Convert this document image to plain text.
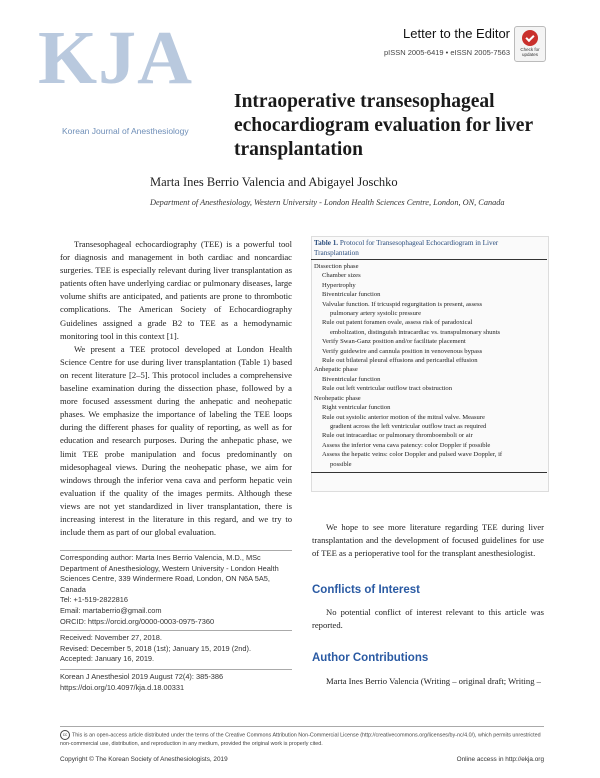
KJA
Korean Journal of Anesthesiology
Letter to the Editor
pISSN 2005-6419 • eISSN 2005-7563	Check for
updates
Intraoperative transesophageal echocardiogram evaluation for liver transplantation
Marta Ines Berrio Valencia and Abigayel Joschko
Department of Anesthesiology, Western University - London Health Sciences Centre, London, ON, Canada

Transesophageal echocardiography (TEE) is a powerful tool for diagnosis and management in both cardiac and noncardiac surgeries. TEE is especially relevant during liver transplantation as patients often have underlying cardiac or pulmonary diseases, large volume shifts are anticipated, and patients are prone to thrombotic complications. The American Society of Echocardiography Guidelines assigned a grade B2 to TEE as a hemodynamic monitoring tool in this context [1].

We present a TEE protocol developed at London Health Science Centre for use during liver transplantation (Table 1) based on recent literature [2–5]. This protocol includes a comprehensive baseline examination during the dissection phase, followed by a more focused assessment during the anhepatic and neohepatic phases. We emphasize the importance of labeling the TEE loops during the different phases for quality of reporting, as well as for education and research purposes. During the anhepatic phase, we limit TEE probe manipulation and focus predominantly on midesophageal views. During the neohepatic phase, we aim for windows through the inferior vena cava and perform hepatic vein evaluation if the quality of the images permits. Although these views are not yet standardized in liver transplantation, there is increasing interest in the literature in this regard, and we try to include them as part of our global evaluation.

Table 1. Protocol for Transesophageal Echocardiogram in Liver Transplantation
Dissection phase
Chamber sizes
Hypertrophy
Biventricular function
Valvular function. If tricuspid regurgitation is present, assess
pulmonary artery systolic pressure
Rule out patent foramen ovale, assess risk of paradoxical
embolization, distinguish intracardiac vs. transpulmonary shunts
Verify Swan-Ganz position and/or facilitate placement
Verify guidewire and cannula position in venovenous bypass
Rule out bilateral pleural effusions and pericardial effusion
Anhepatic phase
Biventricular function
Rule out left ventricular outflow tract obstruction
Neohepatic phase
Right ventricular function
Rule out systolic anterior motion of the mitral valve. Measure
gradient across the left ventricular outflow tract as required
Rule out intracardiac or pulmonary thromboemboli or air
Assess the inferior vena cava patency: color Doppler if possible
Assess the hepatic veins: color Doppler and pulsed wave Doppler, if
possible

We hope to see more literature regarding TEE during liver transplantation and the development of focused guidelines for use of TEE as a perioperative tool for the transplant anesthesiologist.

Conflicts of Interest

No potential conflict of interest relevant to this article was reported.

Author Contributions

Marta Ines Berrio Valencia (Writing – original draft; Writing –

Corresponding author: Marta Ines Berrio Valencia, M.D., MSc
Department of Anesthesiology, Western University - London Health
Sciences Centre, 339 Windermere Road, London, ON N6A 5A5,
Canada
Tel: +1-519-2822816
Email: martaberrio@gmail.com
ORCID: https://orcid.org/0000-0003-0975-7360
Received: November 27, 2018.
Revised: December 5, 2018 (1st); January 15, 2019 (2nd).
Accepted: January 16, 2019.
Korean J Anesthesiol 2019 August 72(4): 385-386
https://doi.org/10.4097/kja.d.18.00331
cc This is an open-access article distributed under the terms of the Creative Commons Attribution Non-Commercial License (http://creativecommons.org/licenses/by-nc/4.0/), which permits unrestricted non-commercial use, distribution, and reproduction in any medium, provided the original work is properly cited.
Copyright © The Korean Society of Anesthesiologists, 2019	Online access in http://ekja.org
